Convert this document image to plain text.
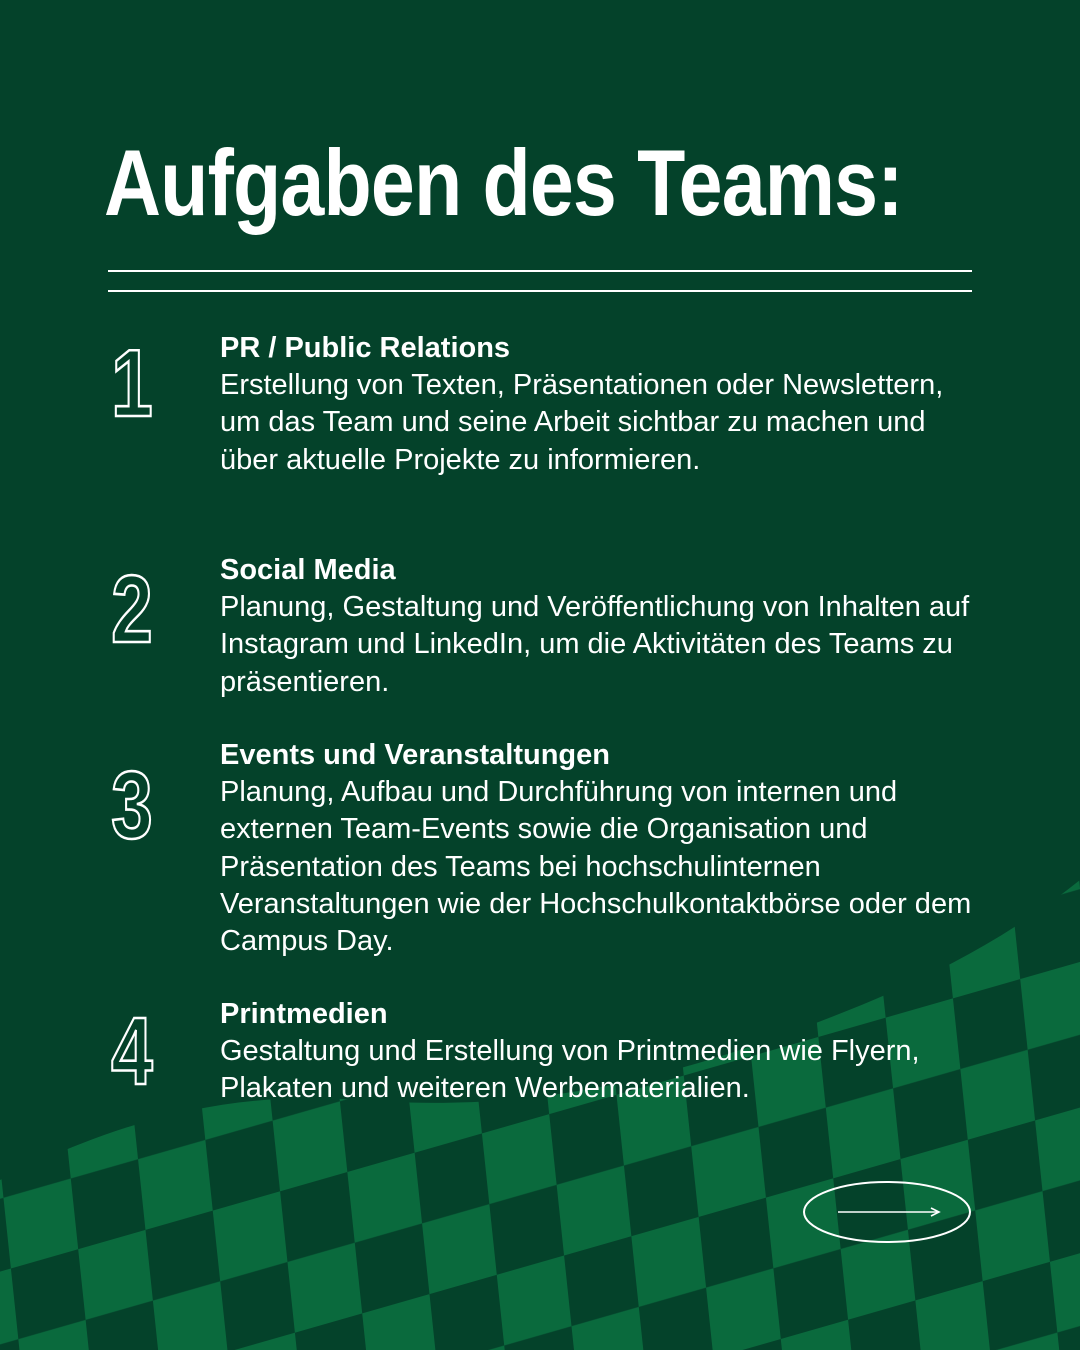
Aufgaben des Teams:
1 PR / Public Relations

Erstellung von Texten, Präsentationen oder Newslettern, um das Team und seine Arbeit sichtbar zu machen und über aktuelle Projekte zu informieren.

2 Social Media

Planung, Gestaltung und Veröffentlichung von Inhalten auf Instagram und LinkedIn, um die Aktivitäten des Teams zu präsentieren.

3 Events und Veranstaltungen

Planung, Aufbau und Durchführung von internen und externen Team-Events sowie die Organisation und Präsentation des Teams bei hochschulinternen Veranstaltungen wie der Hochschulkontaktbörse oder dem Campus Day.

4 Printmedien

Gestaltung und Erstellung von Printmedien wie Flyern, Plakaten und weiteren Werbematerialien.
